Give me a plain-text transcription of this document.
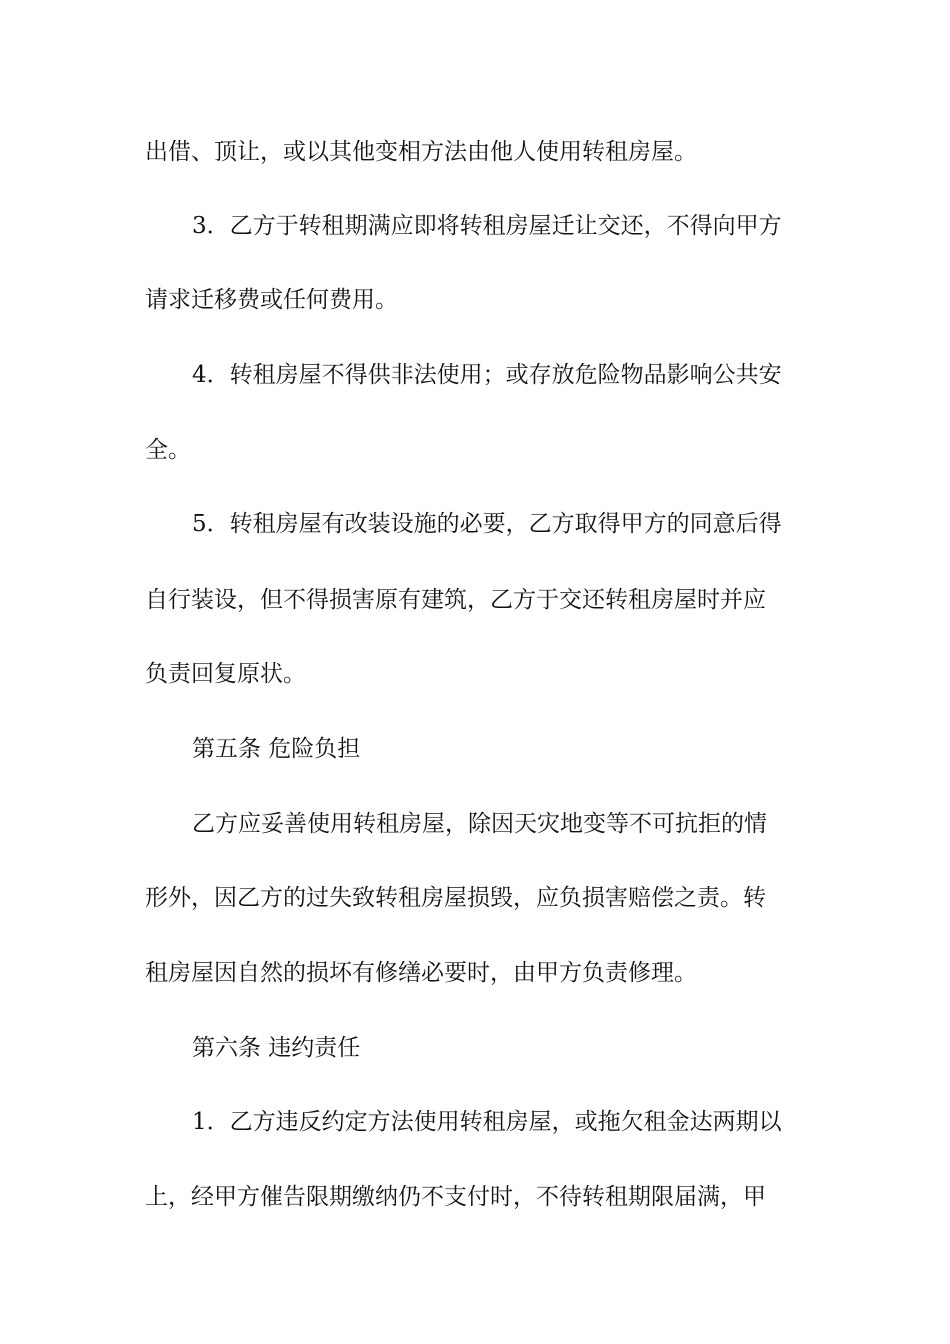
出借、顶让，或以其他变相方法由他人使用转租房屋。
3．乙方于转租期满应即将转租房屋迁让交还，不得向甲方
请求迁移费或任何费用。
4．转租房屋不得供非法使用；或存放危险物品影响公共安
全。
5．转租房屋有改装设施的必要，乙方取得甲方的同意后得
自行装设，但不得损害原有建筑，乙方于交还转租房屋时并应
负责回复原状。
第五条 危险负担
乙方应妥善使用转租房屋，除因天灾地变等不可抗拒的情
形外，因乙方的过失致转租房屋损毁，应负损害赔偿之责。转
租房屋因自然的损坏有修缮必要时，由甲方负责修理。
第六条 违约责任
1．乙方违反约定方法使用转租房屋，或拖欠租金达两期以
上，经甲方催告限期缴纳仍不支付时，不待转租期限届满，甲
